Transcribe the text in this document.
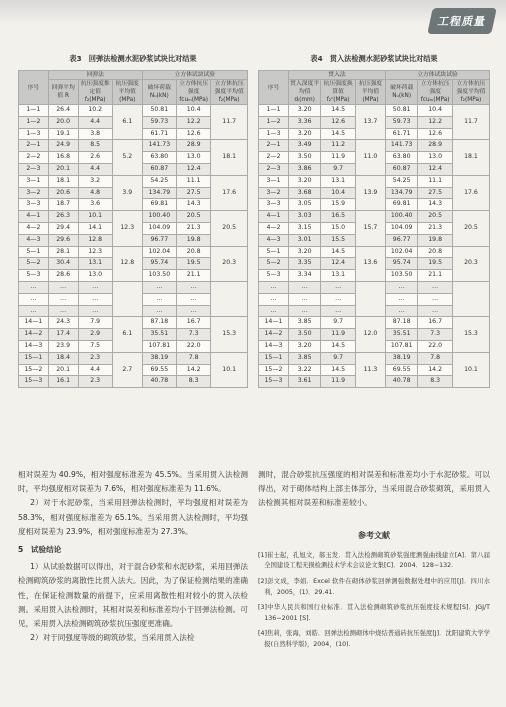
工程质量

表3　回弹法检测水泥砂浆试块比对结果

序号	回弹法			立方体试块试验		
	回弹平均值 R	抗压强度推定值 f₂(MPa)	抗压强度平均值 (MPa)	破坏荷载 Nᵤ(kN)	立方体抗压强度 fcuₘ(MPa)	立方体抗压强度平均值 f₂(MPa)
1—1	26.4	10.2	6.1	50.81	10.4	11.7
1—2	20.0	4.4		59.73	12.2	
1—3	19.1	3.8		61.71	12.6	
2—1	24.9	8.5	5.2	141.73	28.9	18.1
2—2	16.8	2.6		63.80	13.0	
2—3	20.1	4.4		60.87	12.4	
3—1	18.1	3.2	3.9	54.25	11.1	17.6
3—2	20.6	4.8		134.79	27.5	
3—3	18.7	3.6		69.81	14.3	
4—1	26.3	10.1	12.3	100.40	20.5	20.5
4—2	29.4	14.1		104.09	21.3	
4—3	29.6	12.8		96.77	19.8	
5—1	28.1	12.3	12.8	102.04	20.8	20.3
5—2	30.4	13.1		95.74	19.5	
5—3	28.6	13.0		103.50	21.1	
…	…	…		…	…	
…	…	…		…	…	
…	…	…		…	…	
14—1	24.3	7.9	6.1	87.18	16.7	15.3
14—2	17.4	2.9		35.51	7.3	
14—3	23.9	7.5		107.81	22.0	
15—1	18.4	2.3	2.7	38.19	7.8	10.1
15—2	20.1	4.4		69.55	14.2	
15—3	16.1	2.3		40.78	8.3	

表4　贯入法检测水泥砂浆试块比对结果

序号	贯入法			立方体试块试验		
	贯入深度平均值 dᵢ(mm)	抗压强度换算值 f₂ᶜ(MPa)	抗压强度平均值 (MPa)	破坏荷载 Nᵤ(kN)	立方体抗压强度 fcuₘ(MPa)	立方体抗压强度平均值 f₂(MPa)
1—1	3.20	14.5	13.7	50.81	10.4	11.7
1—2	3.36	12.6		59.73	12.2	
1—3	3.20	14.5		61.71	12.6	
2—1	3.49	11.2	11.0	141.73	28.9	18.1
2—2	3.50	11.9		63.80	13.0	
2—3	3.86	9.7		60.87	12.4	
3—1	3.20	13.1	13.9	54.25	11.1	17.6
3—2	3.68	10.4		134.79	27.5	
3—3	3.05	15.9		69.81	14.3	
4—1	3.03	16.5	15.7	100.40	20.5	20.5
4—2	3.15	15.0		104.09	21.3	
4—3	3.01	15.5		96.77	19.8	
5—1	3.20	14.5	13.6	102.04	20.8	20.3
5—2	3.35	12.4		95.74	19.5	
5—3	3.34	13.1		103.50	21.1	
…	…	…		…	…	
…	…	…		…	…	
…	…	…		…	…	
14—1	3.85	9.7	12.0	87.18	16.7	15.3
14—2	3.50	11.9		35.51	7.3	
14—3	3.20	14.5		107.81	22.0	
15—1	3.85	9.7	11.3	38.19	7.8	10.1
15—2	3.22	14.5		69.55	14.2	
15—3	3.61	11.9		40.78	8.3	

相对误差为 40.9%，相对强度标准差为 45.5%。当采用贯入法检测时，平均强度相对误差为 7.6%，相对强度标准差为 11.6%。

2）对于水泥砂浆，当采用回弹法检测时，平均强度相对误差为 58.3%，相对强度标准差为 65.1%。当采用贯入法检测时，平均强度相对误差为 23.9%，相对强度标准差为 27.3%。

5　试验结论

1）从试验数据可以得出，对于混合砂浆和水泥砂浆，采用回弹法检测砌筑砂浆的离散性比贯入法大。因此，为了保证检测结果的准确性，在保证检测数量的前提下，应采用离散性相对较小的贯入法检测。采用贯入法检测时，其相对误差和标准差均小于回弹法检测。可见，采用贯入法检测砌筑砂浆抗压强度更准确。

2）对于同强度等级的砌筑砂浆，当采用贯入法检

测时，混合砂浆抗压强度的相对误差和标准差均小于水泥砂浆。可以得出，对于砌体结构上部主体部分，当采用混合砂浆砌筑，采用贯入法检测其相对误差和标准差较小。

参考文献

[1]崔士起，孔旭文，郝玉发．贯入法检测砌筑砂浆强度测强曲线建立[A]．第八届全国建设工程无损检测技术学术会议论文集[C]．2004．128−132.

[2]彭文成，李娟．Excel 软件在砌体砂浆回弹测强数据处理中的应用[J]．四川水利，2005，(1)．29.41.

[3]中华人民共和国行业标准．贯入法检测砌筑砂浆抗压强度技术规程[S]．JGJ/T 136−2001 [S].

[4]焦莉，张海，刘皓．回弹法检测砌体中烧结普通砖抗压强度[J]．沈阳建筑大学学报(自然科学版)，2004，(10).
